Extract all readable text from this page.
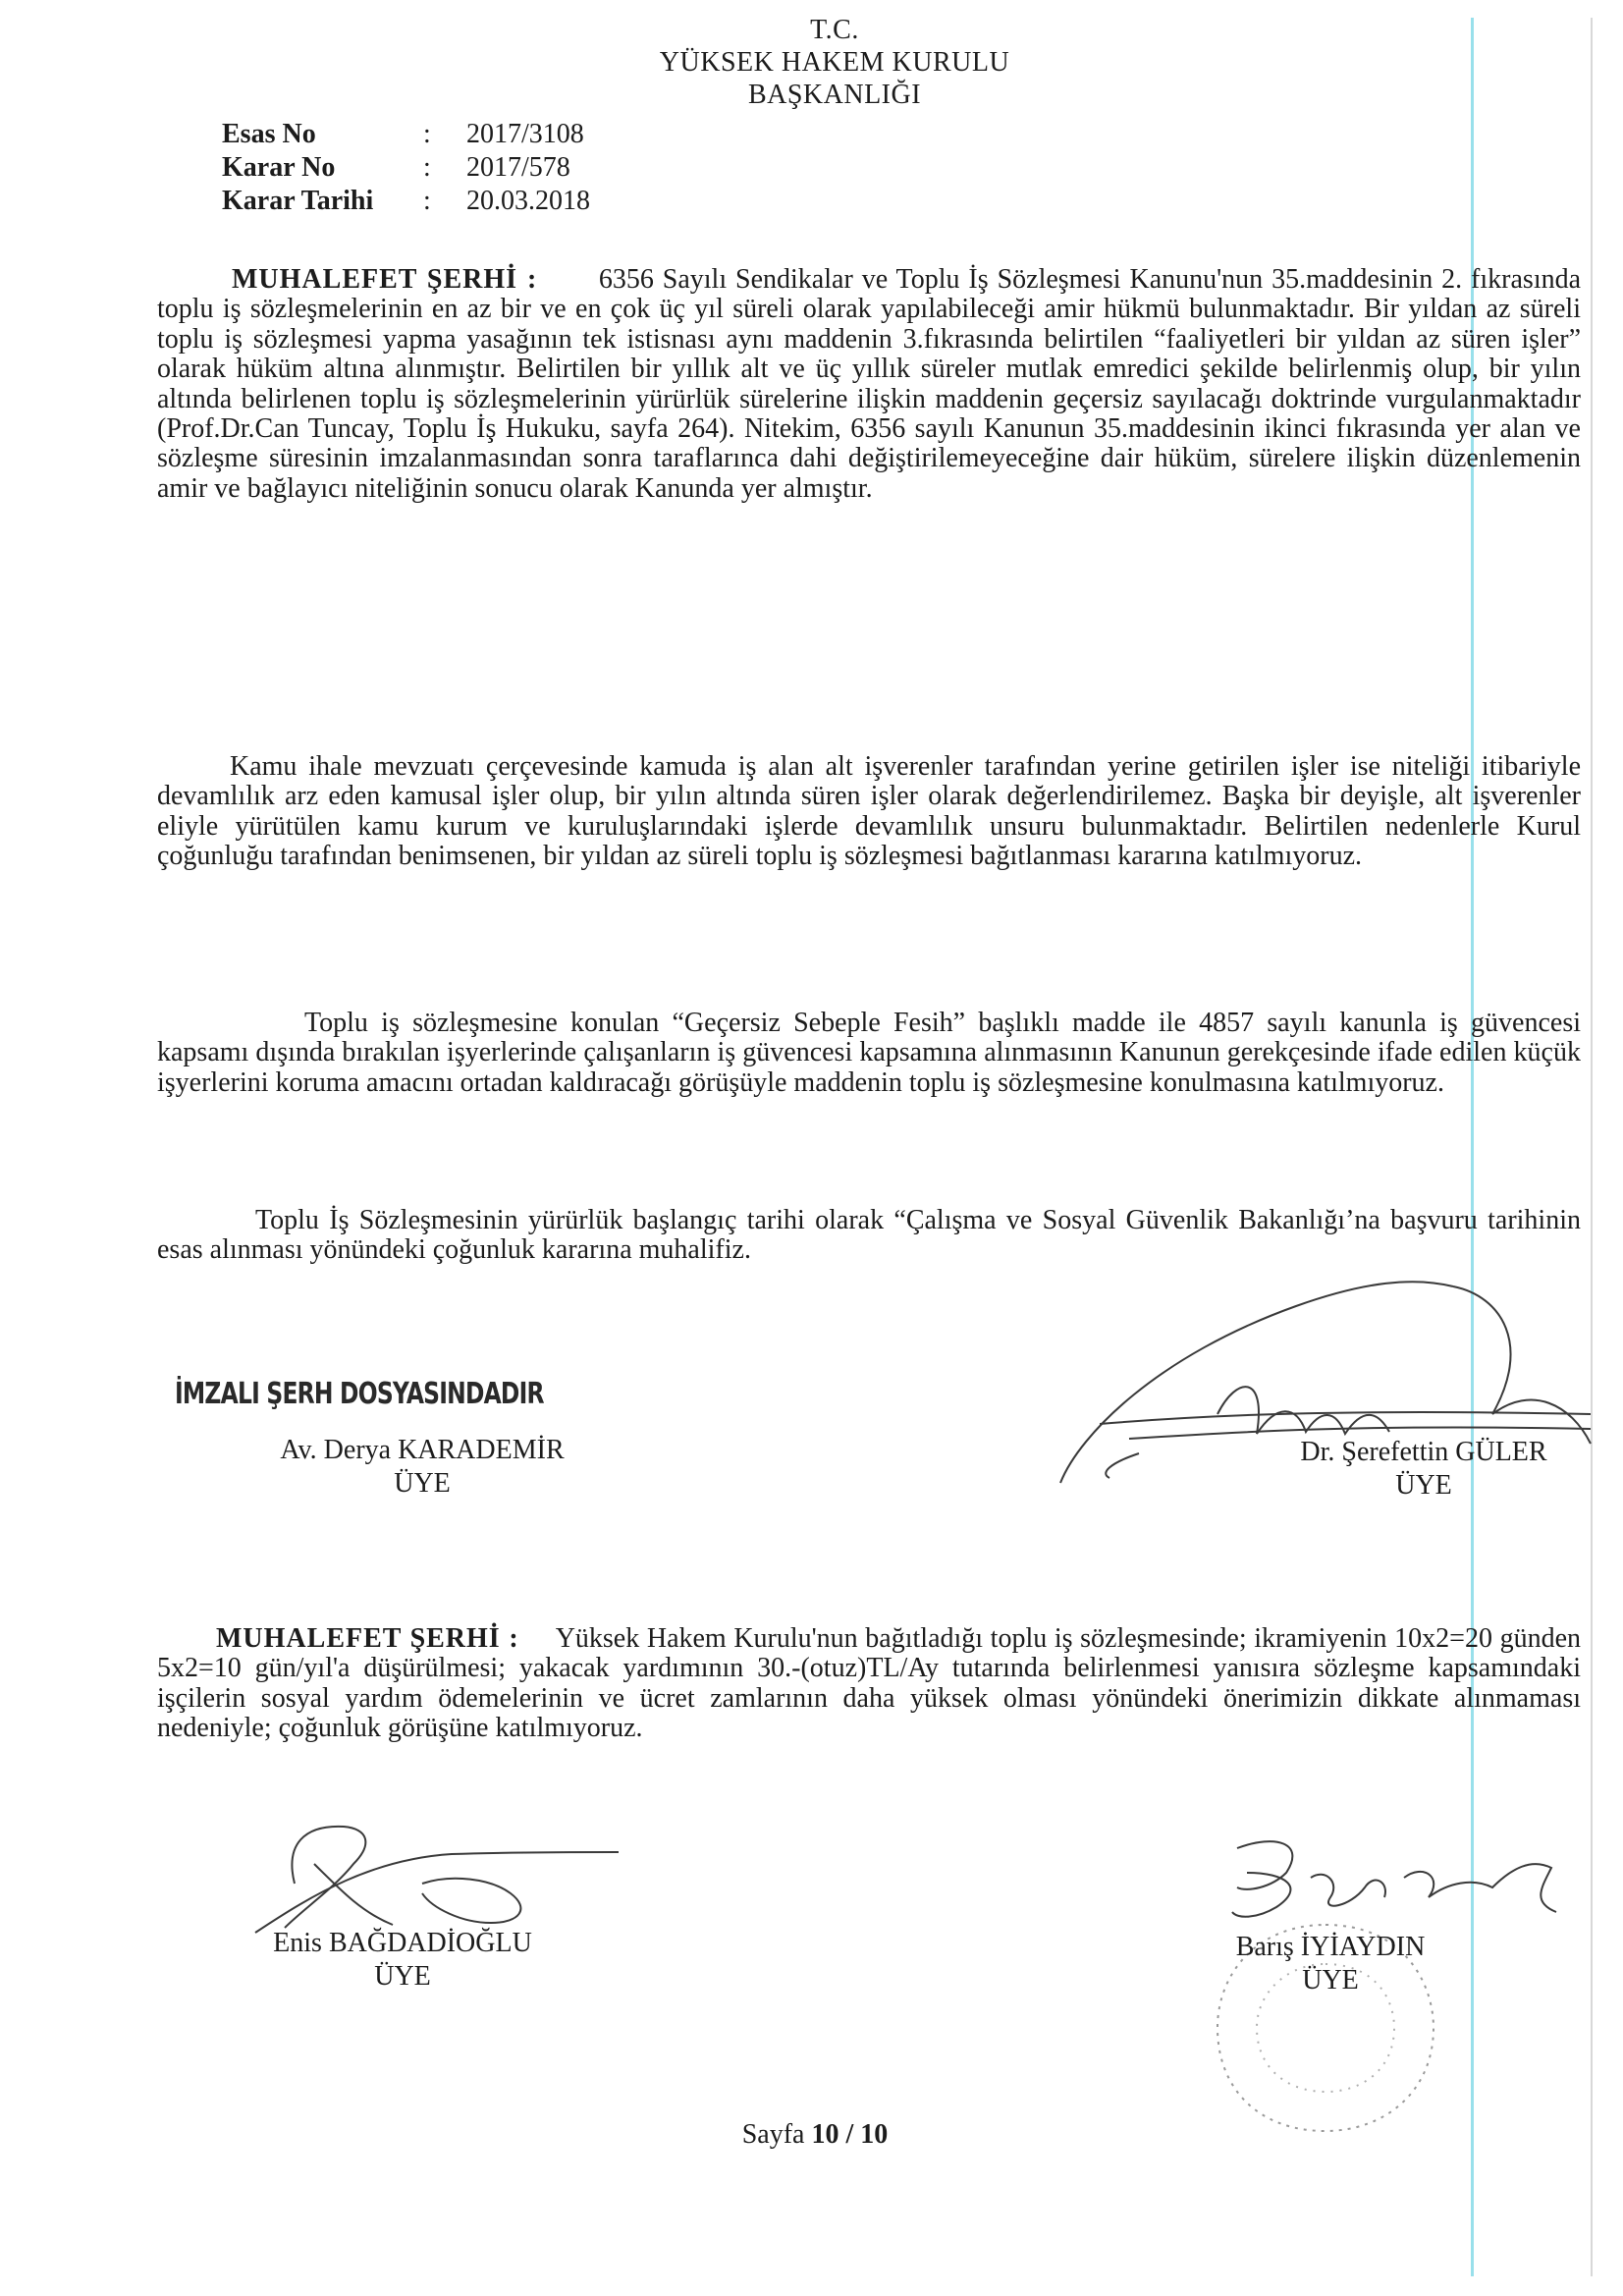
T.C.
YÜKSEK HAKEM KURULU
BAŞKANLIĞI
Esas No	:	2017/3108
Karar No	:	2017/578
Karar Tarihi	:	20.03.2018

MUHALEFET ŞERHİ : 6356 Sayılı Sendikalar ve Toplu İş Sözleşmesi Kanunu'nun 35.maddesinin 2. fıkrasında toplu iş sözleşmelerinin en az bir ve en çok üç yıl süreli olarak yapılabileceği amir hükmü bulunmaktadır. Bir yıldan az süreli toplu iş sözleşmesi yapma yasağının tek istisnası aynı maddenin 3.fıkrasında belirtilen “faaliyetleri bir yıldan az süren işler” olarak hüküm altına alınmıştır. Belirtilen bir yıllık alt ve üç yıllık süreler mutlak emredici şekilde belirlenmiş olup, bir yılın altında belirlenen toplu iş sözleşmelerinin yürürlük sürelerine ilişkin maddenin geçersiz sayılacağı doktrinde vurgulanmaktadır (Prof.Dr.Can Tuncay, Toplu İş Hukuku, sayfa 264). Nitekim, 6356 sayılı Kanunun 35.maddesinin ikinci fıkrasında yer alan ve sözleşme süresinin imzalanmasından sonra taraflarınca dahi değiştirilemeyeceğine dair hüküm, sürelere ilişkin düzenlemenin amir ve bağlayıcı niteliğinin sonucu olarak Kanunda yer almıştır.

Kamu ihale mevzuatı çerçevesinde kamuda iş alan alt işverenler tarafından yerine getirilen işler ise niteliği itibariyle devamlılık arz eden kamusal işler olup, bir yılın altında süren işler olarak değerlendirilemez. Başka bir deyişle, alt işverenler eliyle yürütülen kamu kurum ve kuruluşlarındaki işlerde devamlılık unsuru bulunmaktadır. Belirtilen nedenlerle Kurul çoğunluğu tarafından benimsenen, bir yıldan az süreli toplu iş sözleşmesi bağıtlanması kararına katılmıyoruz.

Toplu iş sözleşmesine konulan “Geçersiz Sebeple Fesih” başlıklı madde ile 4857 sayılı kanunla iş güvencesi kapsamı dışında bırakılan işyerlerinde çalışanların iş güvencesi kapsamına alınmasının Kanunun gerekçesinde ifade edilen küçük işyerlerini koruma amacını ortadan kaldıracağı görüşüyle maddenin toplu iş sözleşmesine konulmasına katılmıyoruz.

Toplu İş Sözleşmesinin yürürlük başlangıç tarihi olarak “Çalışma ve Sosyal Güvenlik Bakanlığı’na başvuru tarihinin esas alınması yönündeki çoğunluk kararına muhalifiz.

İMZALI ŞERH DOSYASINDADIR
Av. Derya KARADEMİR
ÜYE
Dr. Şerefettin GÜLER
ÜYE

MUHALEFET ŞERHİ : Yüksek Hakem Kurulu'nun bağıtladığı toplu iş sözleşmesinde; ikramiyenin 10x2=20 günden 5x2=10 gün/yıl'a düşürülmesi; yakacak yardımının 30.-(otuz)TL/Ay tutarında belirlenmesi yanısıra sözleşme kapsamındaki işçilerin sosyal yardım ödemelerinin ve ücret zamlarının daha yüksek olması yönündeki önerimizin dikkate alınmaması nedeniyle; çoğunluk görüşüne katılmıyoruz.

Enis BAĞDADİOĞLU
ÜYE
Barış İYİAYDIN
ÜYE
Sayfa 10 / 10
